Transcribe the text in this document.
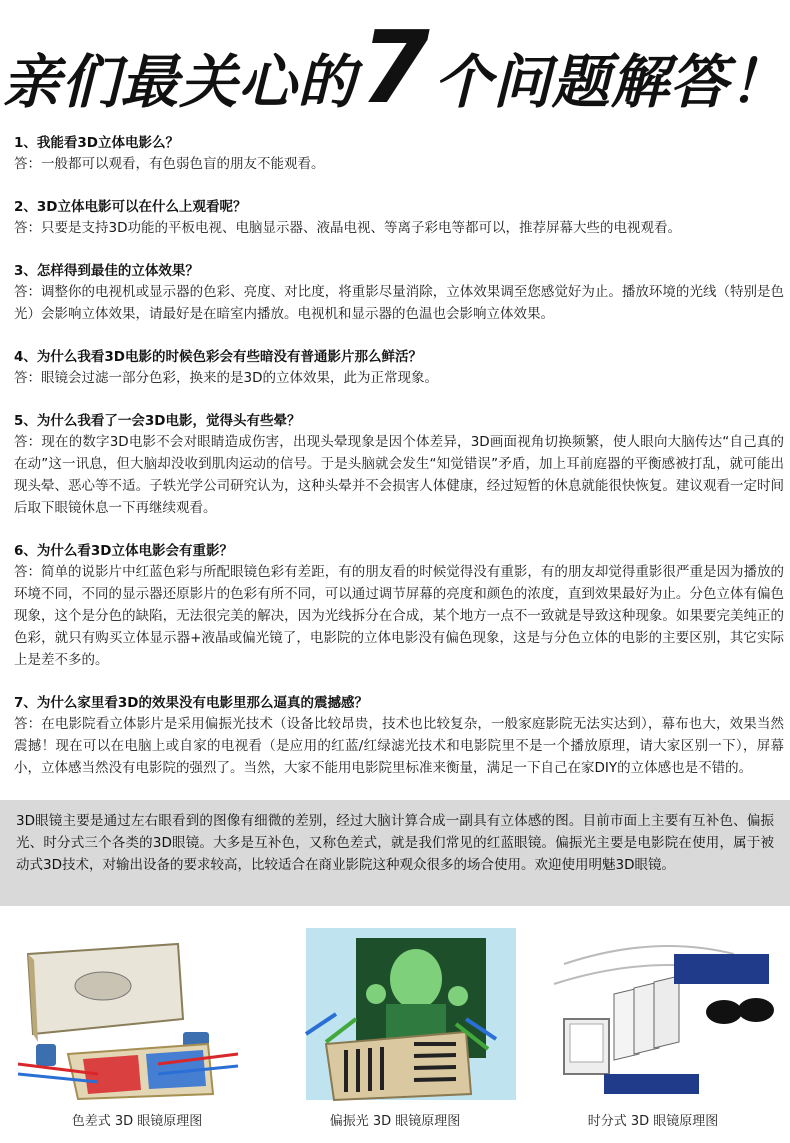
亲们最关心的7个问题解答！
1、我能看3D立体电影么？
答：一般都可以观看，有色弱色盲的朋友不能观看。
2、3D立体电影可以在什么上观看呢？
答：只要是支持3D功能的平板电视、电脑显示器、液晶电视、等离子彩电等都可以，推荐屏幕大些的电视观看。
3、怎样得到最佳的立体效果？
答：调整你的电视机或显示器的色彩、亮度、对比度，将重影尽量消除，立体效果调至您感觉好为止。播放环境的光线（特别是色光）会影响立体效果，请最好是在暗室内播放。电视机和显示器的色温也会影响立体效果。
4、为什么我看3D电影的时候色彩会有些暗没有普通影片那么鲜活？
答：眼镜会过滤一部分色彩，换来的是3D的立体效果，此为正常现象。
5、为什么我看了一会3D电影，觉得头有些晕？
答：现在的数字3D电影不会对眼睛造成伤害，出现头晕现象是因个体差异，3D画面视角切换频繁，使人眼向大脑传达“自己真的在动”这一讯息，但大脑却没收到肌肉运动的信号。于是头脑就会发生“知觉错误”矛盾，加上耳前庭器的平衡感被打乱，就可能出现头晕、恶心等不适。子轶光学公司研究认为，这种头晕并不会损害人体健康，经过短暂的休息就能很快恢复。建议观看一定时间后取下眼镜休息一下再继续观看。
6、为什么看3D立体电影会有重影？
答：简单的说影片中红蓝色彩与所配眼镜色彩有差距，有的朋友看的时候觉得没有重影，有的朋友却觉得重影很严重是因为播放的环境不同，不同的显示器还原影片的色彩有所不同，可以通过调节屏幕的亮度和颜色的浓度，直到效果最好为止。分色立体有偏色现象，这个是分色的缺陷，无法很完美的解决，因为光线拆分在合成，某个地方一点不一致就是导致这种现象。如果要完美纯正的色彩，就只有购买立体显示器+液晶或偏光镜了，电影院的立体电影没有偏色现象，这是与分色立体的电影的主要区别，其它实际上是差不多的。
7、为什么家里看3D的效果没有电影里那么逼真的震撼感？
答：在电影院看立体影片是采用偏振光技术（设备比较昂贵，技术也比较复杂，一般家庭影院无法实达到），幕布也大，效果当然震撼！现在可以在电脑上或自家的电视看（是应用的红蓝/红绿滤光技术和电影院里不是一个播放原理，请大家区别一下），屏幕小，立体感当然没有电影院的强烈了。当然，大家不能用电影院里标准来衡量，满足一下自己在家DIY的立体感也是不错的。

3D眼镜主要是通过左右眼看到的图像有细微的差别，经过大脑计算合成一副具有立体感的图。目前市面上主要有互补色、偏振光、时分式三个各类的3D眼镜。大多是互补色，又称色差式，就是我们常见的红蓝眼镜。偏振光主要是电影院在使用，属于被动式3D技术，对输出设备的要求较高，比较适合在商业影院这种观众很多的场合使用。欢迎使用明魅3D眼镜。

色差式 3D 眼镜原理图	偏振光 3D 眼镜原理图	时分式 3D 眼镜原理图
